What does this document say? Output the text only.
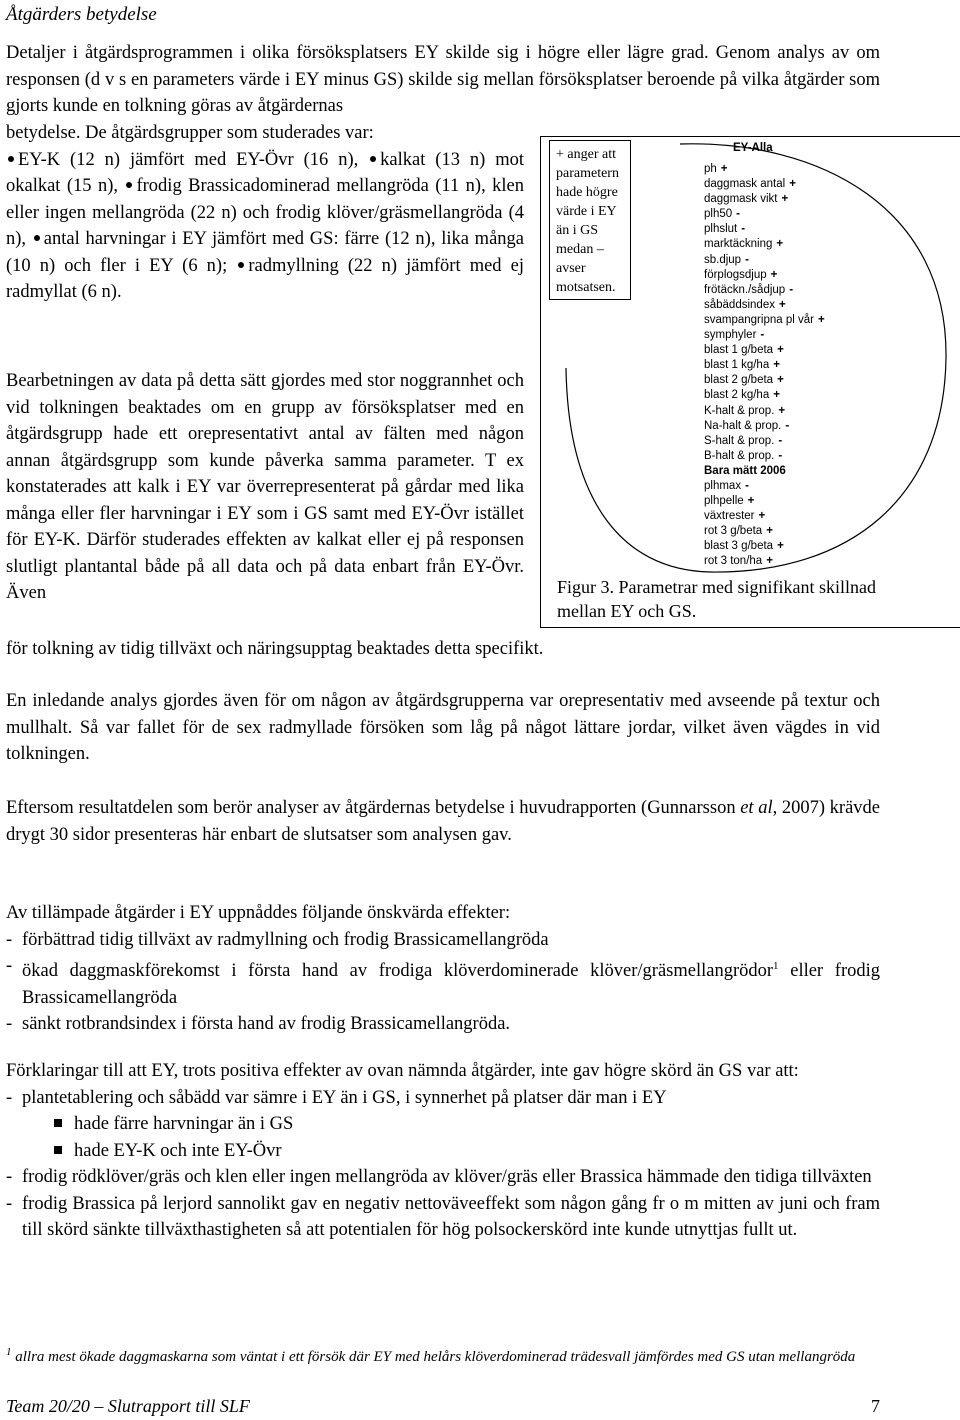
Åtgärders betydelse
Detaljer i åtgärdsprogrammen i olika försöksplatsers EY skilde sig i högre eller lägre grad. Genom analys av om responsen (d v s en parameters värde i EY minus GS) skilde sig mellan försöksplatser beroende på vilka åtgärder som gjorts kunde en tolkning göras av åtgärdernas
betydelse. De åtgärdsgrupper som studerades var:
EY-K (12 n) jämfört med EY-Övr (16 n), kalkat (13 n) mot okalkat (15 n), frodig Brassicadominerad mellangröda (11 n), klen eller ingen mellangröda (22 n) och frodig klöver/gräsmellangröda (4 n), antal harvningar i EY jämfört med GS: färre (12 n), lika många (10 n) och fler i EY (6 n); radmyllning (22 n) jämfört med ej radmyllat (6 n).
Bearbetningen av data på detta sätt gjordes med stor noggrannhet och vid tolkningen beaktades om en grupp av försöksplatser med en åtgärdsgrupp hade ett orepresentativt antal av fälten med någon annan åtgärdsgrupp som kunde påverka samma parameter. T ex konstaterades att kalk i EY var överrepresenterat på gårdar med lika många eller fler harvningar i EY som i GS samt med EY-Övr istället för EY-K. Därför studerades effekten av kalkat eller ej på responsen slutligt plantantal både på all data och på data enbart från EY-Övr. Även
för tolkning av tidig tillväxt och näringsupptag beaktades detta specifikt.
+ anger att parametern hade högre värde i EY än i GS medan – avser motsatsen.
EY-Alla
ph +
daggmask antal +
daggmask vikt +
plh50 -
plhslut -
marktäckning +
sb.djup -
förplogsdjup +
frötäckn./sådjup -
såbäddsindex +
svampangripna pl vår +
symphyler -
blast 1 g/beta +
blast 1 kg/ha +
blast 2 g/beta +
blast 2 kg/ha +
K-halt & prop. +
Na-halt & prop. -
S-halt & prop. -
B-halt & prop. -
Bara mätt 2006
plhmax -
plhpelle +
växtrester +
rot 3 g/beta +
blast 3 g/beta +
rot 3 ton/ha +
Figur 3. Parametrar med signifikant skillnad mellan EY och GS.
En inledande analys gjordes även för om någon av åtgärdsgrupperna var orepresentativ med avseende på textur och mullhalt. Så var fallet för de sex radmyllade försöken som låg på något lättare jordar, vilket även vägdes in vid tolkningen.
Eftersom resultatdelen som berör analyser av åtgärdernas betydelse i huvudrapporten (Gunnarsson et al, 2007) krävde drygt 30 sidor presenteras här enbart de slutsatser som analysen gav.
Av tillämpade åtgärder i EY uppnåddes följande önskvärda effekter:
- förbättrad tidig tillväxt av radmyllning och frodig Brassicamellangröda
- ökad daggmaskförekomst i första hand av frodiga klöverdominerade klöver/gräsmellangrödor$^1$ eller frodig Brassicamellangröda
- sänkt rotbrandsindex i första hand av frodig Brassicamellangröda.
Förklaringar till att EY, trots positiva effekter av ovan nämnda åtgärder, inte gav högre skörd än GS var att:
- plantetablering och såbädd var sämre i EY än i GS, i synnerhet på platser där man i EY
hade färre harvningar än i GS
hade EY-K och inte EY-Övr
- frodig rödklöver/gräs och klen eller ingen mellangröda av klöver/gräs eller Brassica hämmade den tidiga tillväxten
- frodig Brassica på lerjord sannolikt gav en negativ nettoväveeffekt som någon gång fr o m mitten av juni och fram till skörd sänkte tillväxthastigheten så att potentialen för hög polsockerskörd inte kunde utnyttjas fullt ut.
$^1$ allra mest ökade daggmaskarna som väntat i ett försök där EY med helårs klöverdominerad trädesvall jämfördes med GS utan mellangröda
Team 20/20 – Slutrapport till SLF	7
